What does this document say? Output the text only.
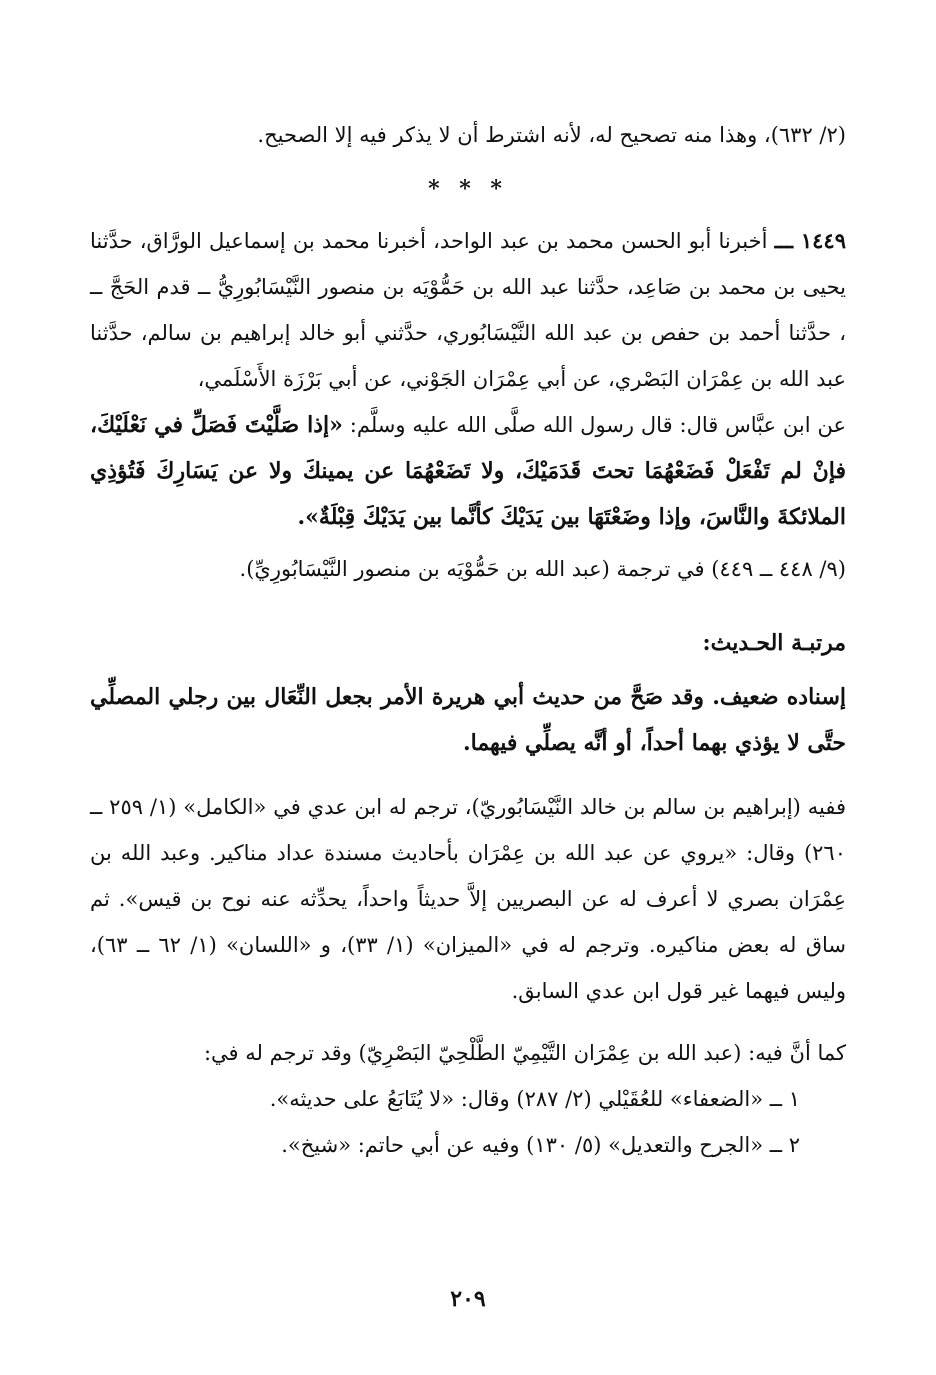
(٢/ ٦٣٢)، وهذا منه تصحيح له، لأنه اشترط أن لا يذكر فيه إلا الصحيح.

* * *

١٤٤٩ ـــ أخبرنا أبو الحسن محمد بن عبد الواحد، أخبرنا محمد بن إسماعيل الورَّاق، حدَّثنا يحيى بن محمد بن صَاعِد، حدَّثنا عبد الله بن حَمُّوْيَه بن منصور النَّيْسَابُورِيُّ ــ قدم الحَجَّ ــ ، حدَّثنا أحمد بن حفص بن عبد الله النَّيْسَابُوري، حدَّثني أبو خالد إبراهيم بن سالم، حدَّثنا عبد الله بن عِمْرَان البَصْري، عن أبي عِمْرَان الجَوْني، عن أبي بَرْزَة الأَسْلَمي،

عن ابن عبَّاس قال: قال رسول الله صلَّى الله عليه وسلَّم: «إذا صَلَّيْتَ فَصَلِّ في نَعْلَيْكَ، فإنْ لم تَفْعَلْ فَضَعْهُمَا تحتَ قَدَمَيْكَ، ولا تَضَعْهُمَا عن يمينكَ ولا عن يَسَارِكَ فَتُؤذِي الملائكةَ والنَّاسَ، وإذا وضَعْتَهَا بين يَدَيْكَ كأنَّما بين يَدَيْكَ قِبْلَةٌ».

(٩/ ٤٤٨ ــ ٤٤٩) في ترجمة (عبد الله بن حَمُّوْيَه بن منصور النَّيْسَابُورِيِّ).

مرتبـة الحـديث:

إسناده ضعيف. وقد صَحَّ من حديث أبي هريرة الأمر بجعل النِّعَال بين رجلي المصلِّي حتَّى لا يؤذي بهما أحداً، أو أنَّه يصلِّي فيهما.

ففيه (إبراهيم بن سالم بن خالد النَّيْسَابُوريّ)، ترجم له ابن عدي في «الكامل» (١/ ٢٥٩ ــ ٢٦٠) وقال: «يروي عن عبد الله بن عِمْرَان بأحاديث مسندة عداد مناكير. وعبد الله بن عِمْرَان بصري لا أعرف له عن البصريين إلاَّ حديثاً واحداً، يحدِّثه عنه نوح بن قيس». ثم ساق له بعض مناكيره. وترجم له في «الميزان» (١/ ٣٣)، و «اللسان» (١/ ٦٢ ــ ٦٣)، وليس فيهما غير قول ابن عدي السابق.

كما أنَّ فيه: (عبد الله بن عِمْرَان التَّيْمِيّ الطَّلْحِيّ البَصْرِيّ) وقد ترجم له في:

١ ــ «الضعفاء» للعُقَيْلي (٢/ ٢٨٧) وقال: «لا يُتَابَعُ على حديثه».

٢ ــ «الجرح والتعديل» (٥/ ١٣٠) وفيه عن أبي حاتم: «شيخ».

٢٠٩
